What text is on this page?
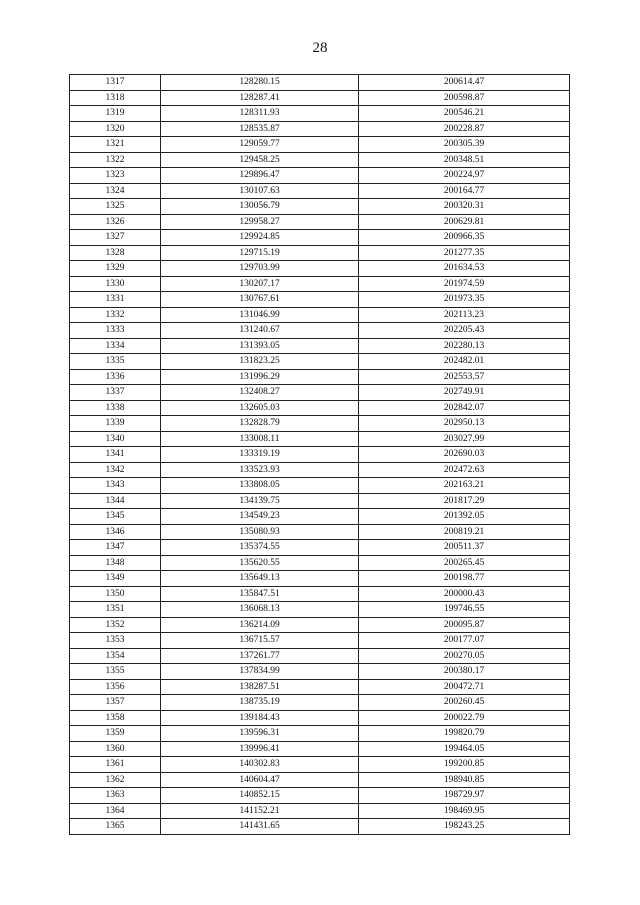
28
1317	128280.15	200614.47
1318	128287.41	200598.87
1319	128311.93	200546.21
1320	128535.87	200228.87
1321	129059.77	200305.39
1322	129458.25	200348.51
1323	129896.47	200224.97
1324	130107.63	200164.77
1325	130056.79	200320.31
1326	129958.27	200629.81
1327	129924.85	200966.35
1328	129715.19	201277.35
1329	129703.99	201634.53
1330	130207.17	201974.59
1331	130767.61	201973.35
1332	131046.99	202113.23
1333	131240.67	202205.43
1334	131393.05	202280.13
1335	131823.25	202482.01
1336	131996.29	202553.57
1337	132408.27	202749.91
1338	132605.03	202842.07
1339	132828.79	202950.13
1340	133008.11	203027.99
1341	133319.19	202690.03
1342	133523.93	202472.63
1343	133808.05	202163.21
1344	134139.75	201817.29
1345	134549.23	201392.05
1346	135080.93	200819.21
1347	135374.55	200511.37
1348	135620.55	200265.45
1349	135649.13	200198.77
1350	135847.51	200000.43
1351	136068.13	199746.55
1352	136214.09	200095.87
1353	136715.57	200177.07
1354	137261.77	200270.05
1355	137834.99	200380.17
1356	138287.51	200472.71
1357	138735.19	200260.45
1358	139184.43	200022.79
1359	139596.31	199820.79
1360	139996.41	199464.05
1361	140302.83	199200.85
1362	140604.47	198940.85
1363	140852.15	198729.97
1364	141152.21	198469.95
1365	141431.65	198243.25
